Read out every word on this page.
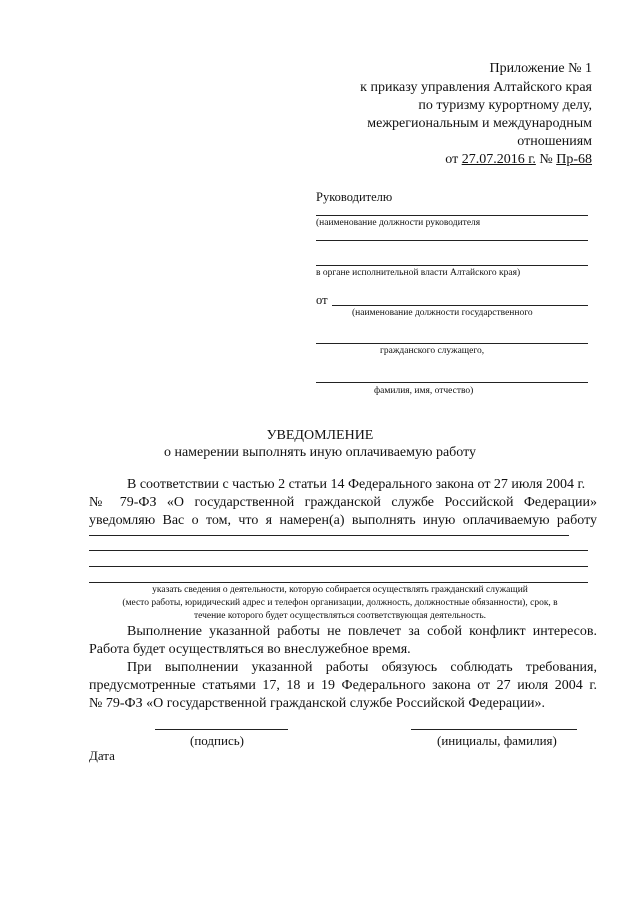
Приложение № 1
к приказу управления Алтайского края
по туризму курортному делу,
межрегиональным и международным
отношениям
от 27.07.2016 г. № Пр-68
Руководителю
(наименование должности руководителя
в органе исполнительной власти Алтайского края)
от
(наименование должности государственного
гражданского служащего,
фамилия, имя, отчество)
УВЕДОМЛЕНИЕ
о намерении выполнять иную оплачиваемую работу
В соответствии с частью 2 статьи 14 Федерального закона от 27 июля 2004 г.
№ 79-ФЗ «О государственной гражданской службе Российской Федерации»
уведомляю Вас о том, что я намерен(а) выполнять иную оплачиваемую работу
указать сведения о деятельности, которую собирается осуществлять гражданский служащий
(место работы, юридический адрес и телефон организации, должность, должностные обязанности), срок, в
течение которого будет осуществляться соответствующая деятельность.
Выполнение указанной работы не повлечет за собой конфликт интересов.
Работа будет осуществляться во внеслужебное время.
При выполнении указанной работы обязуюсь соблюдать требования,
предусмотренные статьями 17, 18 и 19 Федерального закона от 27 июля 2004 г.
№ 79-ФЗ «О государственной гражданской службе Российской Федерации».
(подпись)	(инициалы, фамилия)
Дата
